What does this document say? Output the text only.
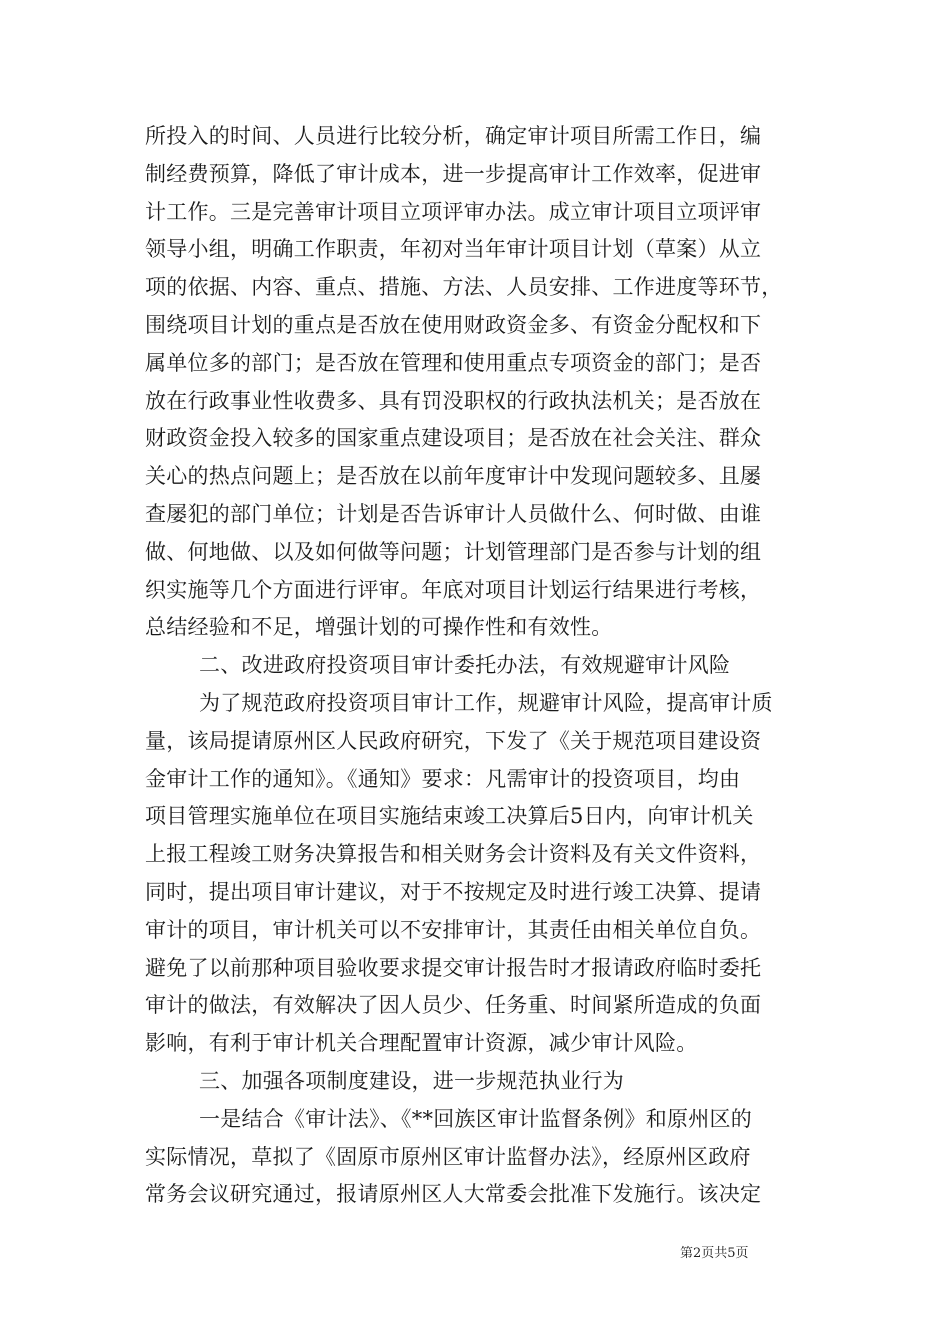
所投入的时间、人员进行比较分析，确定审计项目所需工作日，编
制经费预算，降低了审计成本，进一步提高审计工作效率，促进审
计工作。三是完善审计项目立项评审办法。成立审计项目立项评审
领导小组，明确工作职责，年初对当年审计项目计划（草案）从立
项的依据、内容、重点、措施、方法、人员安排、工作进度等环节，
围绕项目计划的重点是否放在使用财政资金多、有资金分配权和下
属单位多的部门；是否放在管理和使用重点专项资金的部门；是否
放在行政事业性收费多、具有罚没职权的行政执法机关；是否放在
财政资金投入较多的国家重点建设项目；是否放在社会关注、群众
关心的热点问题上；是否放在以前年度审计中发现问题较多、且屡
查屡犯的部门单位；计划是否告诉审计人员做什么、何时做、由谁
做、何地做、以及如何做等问题；计划管理部门是否参与计划的组
织实施等几个方面进行评审。年底对项目计划运行结果进行考核，
总结经验和不足，增强计划的可操作性和有效性。
二、改进政府投资项目审计委托办法，有效规避审计风险
为了规范政府投资项目审计工作，规避审计风险，提高审计质
量，该局提请原州区人民政府研究，下发了《关于规范项目建设资
金审计工作的通知》。《通知》要求：凡需审计的投资项目，均由
项目管理实施单位在项目实施结束竣工决算后5日内，向审计机关
上报工程竣工财务决算报告和相关财务会计资料及有关文件资料，
同时，提出项目审计建议，对于不按规定及时进行竣工决算、提请
审计的项目，审计机关可以不安排审计，其责任由相关单位自负。
避免了以前那种项目验收要求提交审计报告时才报请政府临时委托
审计的做法，有效解决了因人员少、任务重、时间紧所造成的负面
影响，有利于审计机关合理配置审计资源，减少审计风险。
三、加强各项制度建设，进一步规范执业行为
一是结合《审计法》、《**回族区审计监督条例》和原州区的
实际情况，草拟了《固原市原州区审计监督办法》，经原州区政府
常务会议研究通过，报请原州区人大常委会批准下发施行。该决定
第2页共5页
